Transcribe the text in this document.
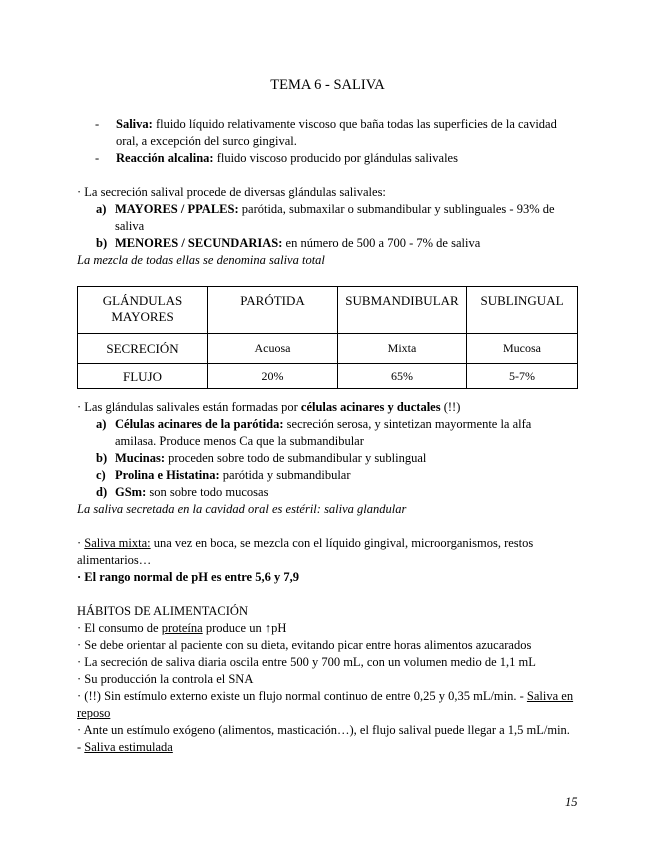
TEMA 6 - SALIVA
-	Saliva: fluido líquido relativamente viscoso que baña todas las superficies de la cavidad oral, a excepción del surco gingival.
-	Reacción alcalina: fluido viscoso producido por glándulas salivales
· La secreción salival procede de diversas glándulas salivales:
a) MAYORES / PPALES: parótida, submaxilar o submandibular y sublinguales - 93% de saliva
b) MENORES / SECUNDARIAS: en número de 500 a 700 - 7% de saliva
La mezcla de todas ellas se denomina saliva total
GLÁNDULAS MAYORES	PARÓTIDA	SUBMANDIBULAR	SUBLINGUAL
SECRECIÓN	Acuosa	Mixta	Mucosa
FLUJO	20%	65%	5-7%
· Las glándulas salivales están formadas por células acinares y ductales (!!)
a) Células acinares de la parótida: secreción serosa, y sintetizan mayormente la alfa amilasa. Produce menos Ca que la submandibular
b) Mucinas: proceden sobre todo de submandibular y sublingual
c) Prolina e Histatina: parótida y submandibular
d) GSm: son sobre todo mucosas
La saliva secretada en la cavidad oral es estéril: saliva glandular
· Saliva mixta: una vez en boca, se mezcla con el líquido gingival, microorganismos, restos alimentarios…
· El rango normal de pH es entre 5,6 y 7,9
HÁBITOS DE ALIMENTACIÓN
· El consumo de proteína produce un ↑pH
· Se debe orientar al paciente con su dieta, evitando picar entre horas alimentos azucarados
· La secreción de saliva diaria oscila entre 500 y 700 mL, con un volumen medio de 1,1 mL
· Su producción la controla el SNA
· (!!) Sin estímulo externo existe un flujo normal continuo de entre 0,25 y 0,35 mL/min. - Saliva en reposo
· Ante un estímulo exógeno (alimentos, masticación…), el flujo salival puede llegar a 1,5 mL/min. - Saliva estimulada
15
